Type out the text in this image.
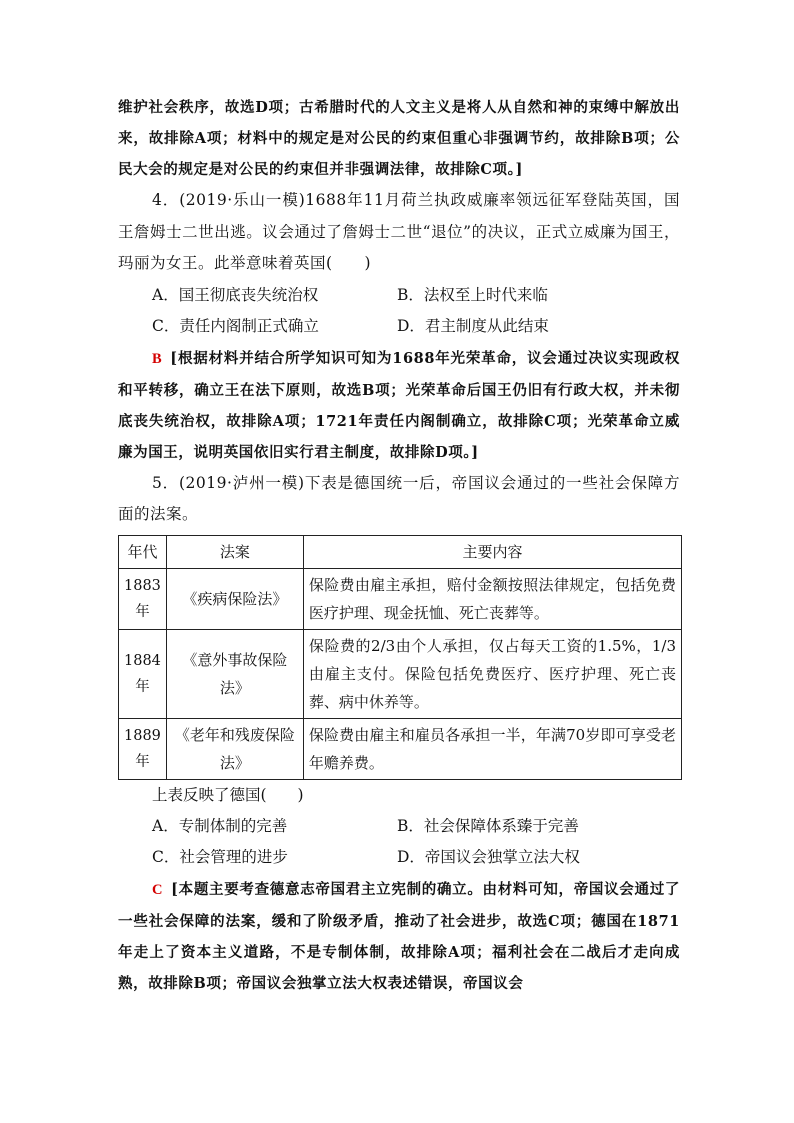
维护社会秩序，故选D项；古希腊时代的人文主义是将人从自然和神的束缚中解放出来，故排除A项；材料中的规定是对公民的约束但重心非强调节约，故排除B项；公民大会的规定是对公民的约束但并非强调法律，故排除C项。]

4．(2019·乐山一模)1688年11月荷兰执政威廉率领远征军登陆英国，国王詹姆士二世出逃。议会通过了詹姆士二世“退位”的决议，正式立威廉为国王，玛丽为女王。此举意味着英国(　　)

A．国王彻底丧失统治权	B．法权至上时代来临
C．责任内阁制正式确立	D．君主制度从此结束

B [根据材料并结合所学知识可知为1688年光荣革命，议会通过决议实现政权和平转移，确立王在法下原则，故选B项；光荣革命后国王仍旧有行政大权，并未彻底丧失统治权，故排除A项；1721年责任内阁制确立，故排除C项；光荣革命立威廉为国王，说明英国依旧实行君主制度，故排除D项。]

5．(2019·泸州一模)下表是德国统一后，帝国议会通过的一些社会保障方面的法案。

年代	法案	主要内容
1883年	《疾病保险法》	保险费由雇主承担，赔付金额按照法律规定，包括免费医疗护理、现金抚恤、死亡丧葬等。
1884年	《意外事故保险法》	保险费的2/3由个人承担，仅占每天工资的1.5%，1/3由雇主支付。保险包括免费医疗、医疗护理、死亡丧葬、病中休养等。
1889年	《老年和残废保险法》	保险费由雇主和雇员各承担一半，年满70岁即可享受老年赡养费。

上表反映了德国(　　)

A．专制体制的完善	B．社会保障体系臻于完善
C．社会管理的进步	D．帝国议会独掌立法大权

C [本题主要考查德意志帝国君主立宪制的确立。由材料可知，帝国议会通过了一些社会保障的法案，缓和了阶级矛盾，推动了社会进步，故选C项；德国在1871年走上了资本主义道路，不是专制体制，故排除A项；福利社会在二战后才走向成熟，故排除B项；帝国议会独掌立法大权表述错误，帝国议会
